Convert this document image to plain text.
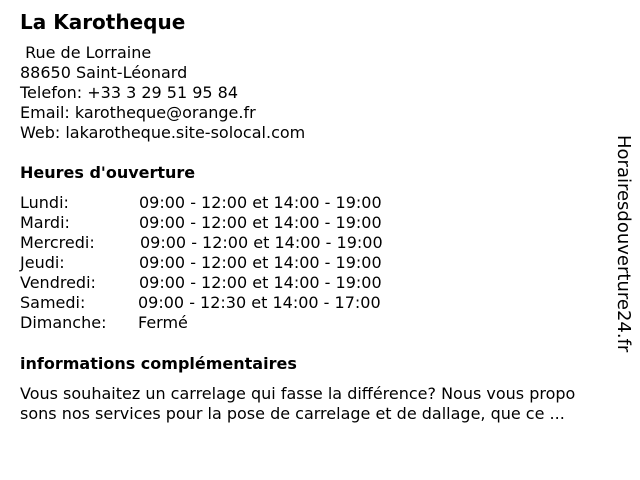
La Karotheque
Rue de Lorraine
88650 Saint-Léonard
Telefon: +33 3 29 51 95 84
Email: karotheque@orange.fr
Web: lakarotheque.site-solocal.com
Heures d'ouverture
Lundi:	09:00 - 12:00 et 14:00 - 19:00
Mardi:	09:00 - 12:00 et 14:00 - 19:00
Mercredi:	09:00 - 12:00 et 14:00 - 19:00
Jeudi:	09:00 - 12:00 et 14:00 - 19:00
Vendredi:	09:00 - 12:00 et 14:00 - 19:00
Samedi:	09:00 - 12:30 et 14:00 - 17:00
Dimanche: Fermé
informations complémentaires
Vous souhaitez un carrelage qui fasse la différence? Nous vous propo
sons nos services pour la pose de carrelage et de dallage, que ce ...
Horairesdouverture24.fr
